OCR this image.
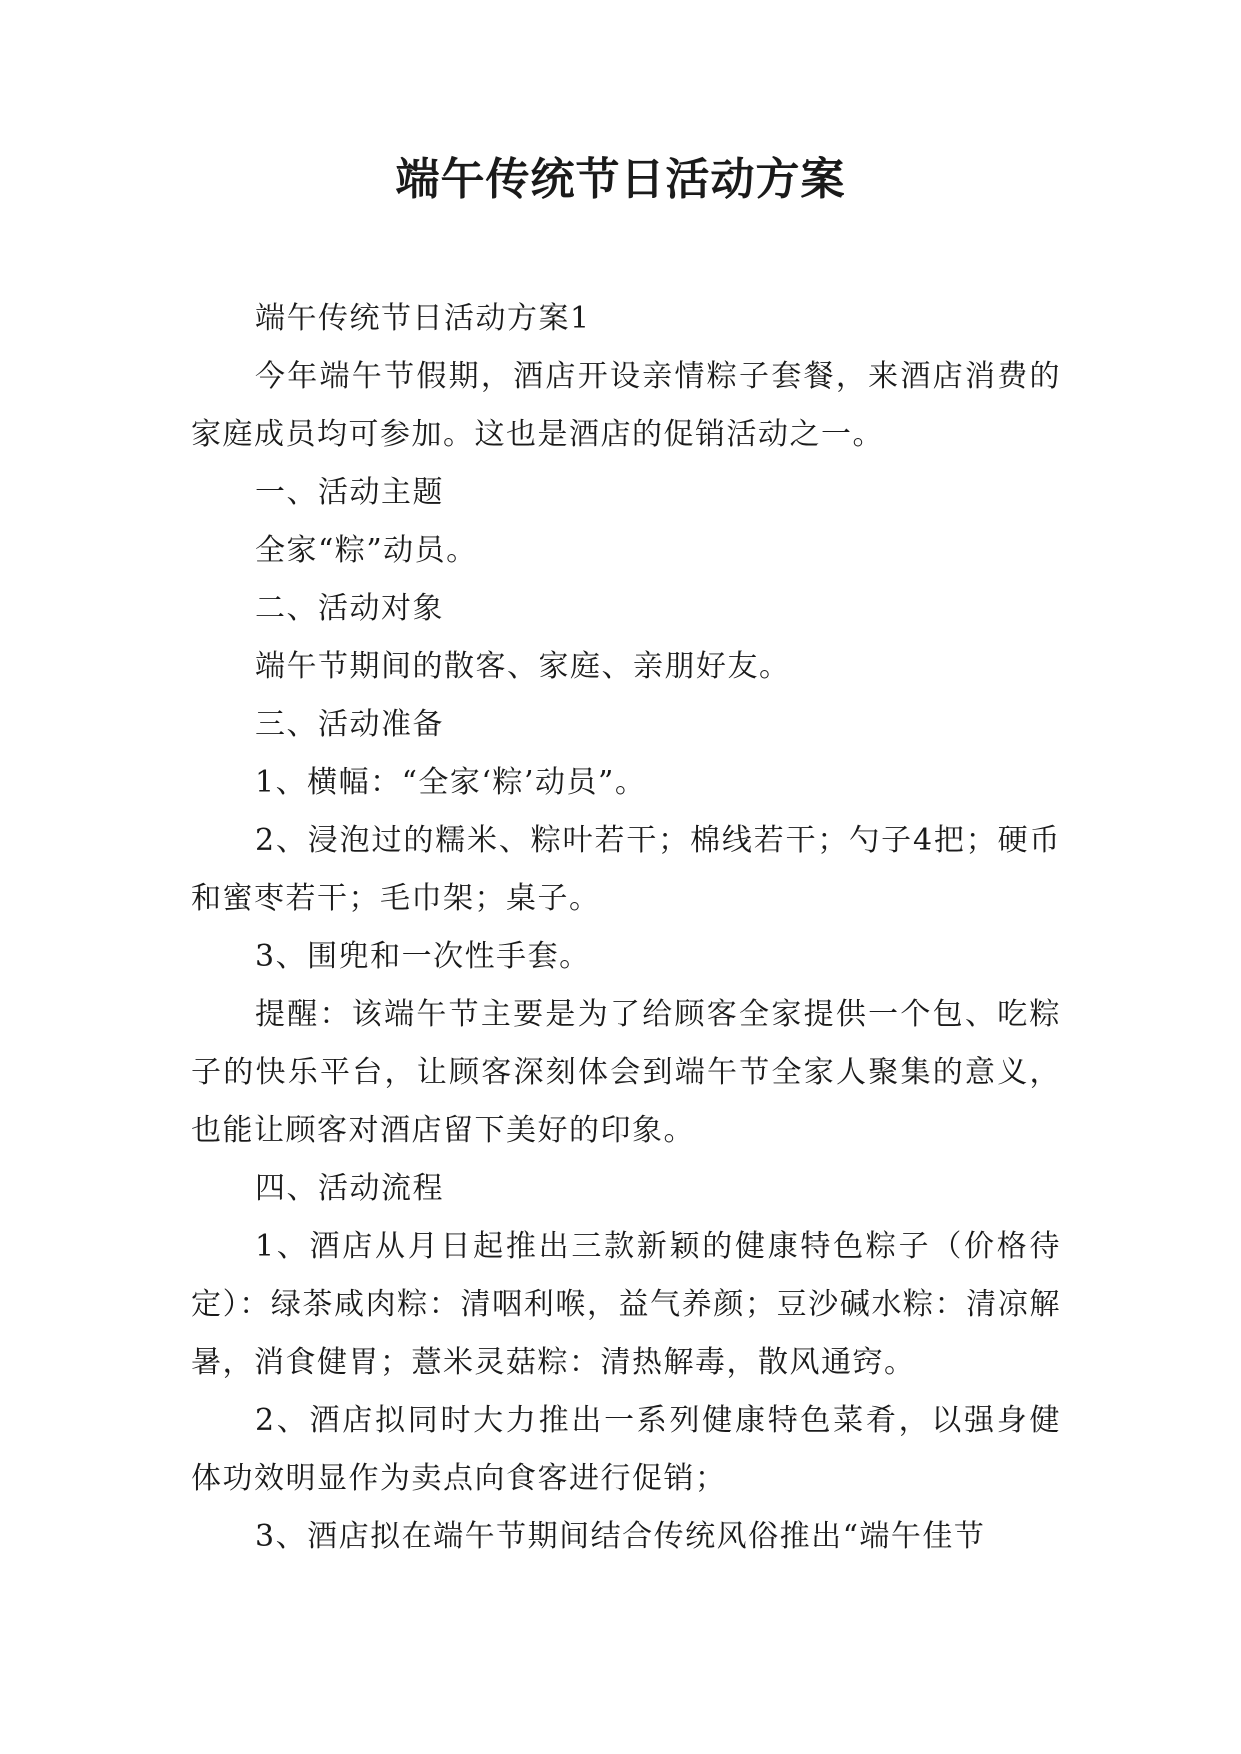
端午传统节日活动方案

端午传统节日活动方案1

今年端午节假期，酒店开设亲情粽子套餐，来酒店消费的家庭成员均可参加。这也是酒店的促销活动之一。

一、活动主题

全家“粽”动员。

二、活动对象

端午节期间的散客、家庭、亲朋好友。

三、活动准备

1、横幅：“全家‘粽’动员”。

2、浸泡过的糯米、粽叶若干；棉线若干；勺子4把；硬币和蜜枣若干；毛巾架；桌子。

3、围兜和一次性手套。

提醒：该端午节主要是为了给顾客全家提供一个包、吃粽子的快乐平台，让顾客深刻体会到端午节全家人聚集的意义，也能让顾客对酒店留下美好的印象。

四、活动流程

1、酒店从月日起推出三款新颖的健康特色粽子（价格待定）：绿茶咸肉粽：清咽利喉，益气养颜；豆沙碱水粽：清凉解暑，消食健胃；薏米灵菇粽：清热解毒，散风通窍。

2、酒店拟同时大力推出一系列健康特色菜肴，以强身健体功效明显作为卖点向食客进行促销；

3、酒店拟在端午节期间结合传统风俗推出“端午佳节
